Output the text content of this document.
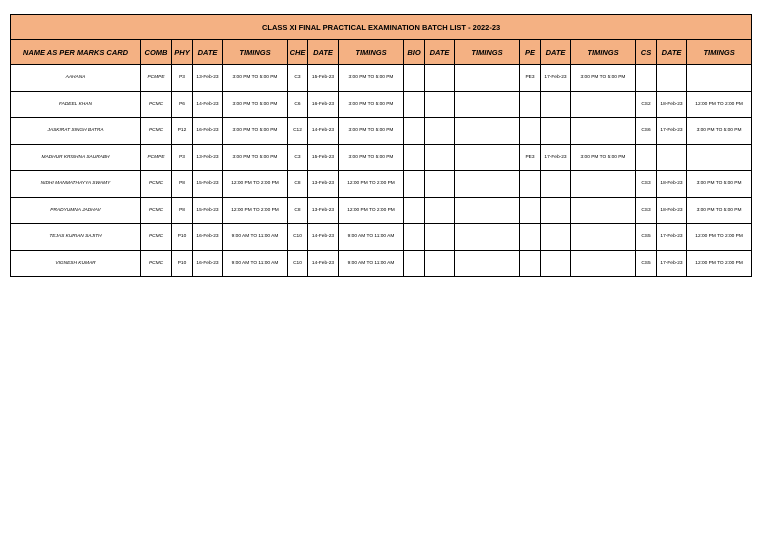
CLASS XI FINAL PRACTICAL EXAMINATION BATCH LIST - 2022-23																
NAME AS PER MARKS CARD	COMB	PHY	DATE	TIMINGS	CHE	DATE	TIMINGS	BIO	DATE	TIMINGS	PE	DATE	TIMINGS	CS	DATE	TIMINGS
AAHANA	PCMPE	P3	13-Feb-23	3:00 PM TO 5:00 PM	C3	15-Feb-23	3:00 PM TO 5:00 PM				PE3	17-Feb-23	3:00 PM TO 5:00 PM			
FADEEL KHAN	PCMC	P6	14-Feb-23	3:00 PM TO 5:00 PM	C6	16-Feb-23	3:00 PM TO 5:00 PM							CS2	18-Feb-23	12:00 PM TO 2:00 PM
JASKIRAT SINGH BATRA	PCMC	P12	16-Feb-23	3:00 PM TO 5:00 PM	C12	14-Feb-23	3:00 PM TO 5:00 PM							CS6	17-Feb-23	3:00 PM TO 5:00 PM
MADHUR KRISHNA SAURABH	PCMPE	P3	13-Feb-23	3:00 PM TO 5:00 PM	C3	15-Feb-23	3:00 PM TO 5:00 PM				PE3	17-Feb-23	3:00 PM TO 5:00 PM			
NIDHI MANMATHAYYA SWAMY	PCMC	P8	15-Feb-23	12:00 PM TO 2:00 PM	C8	13-Feb-23	12:00 PM TO 2:00 PM							CS3	18-Feb-23	3:00 PM TO 5:00 PM
PRADYUMNA JADHAV	PCMC	P8	15-Feb-23	12:00 PM TO 2:00 PM	C8	13-Feb-23	12:00 PM TO 2:00 PM							CS3	18-Feb-23	3:00 PM TO 5:00 PM
TEJAS KURIAN SAJITH	PCMC	P10	16-Feb-23	9:00 AM TO 11:00 AM	C10	14-Feb-23	9:00 AM TO 11:00 AM							CS5	17-Feb-23	12:00 PM TO 2:00 PM
VIGNESH KUMAR	PCMC	P10	16-Feb-23	9:00 AM TO 11:00 AM	C10	14-Feb-23	9:00 AM TO 11:00 AM							CS5	17-Feb-23	12:00 PM TO 2:00 PM
